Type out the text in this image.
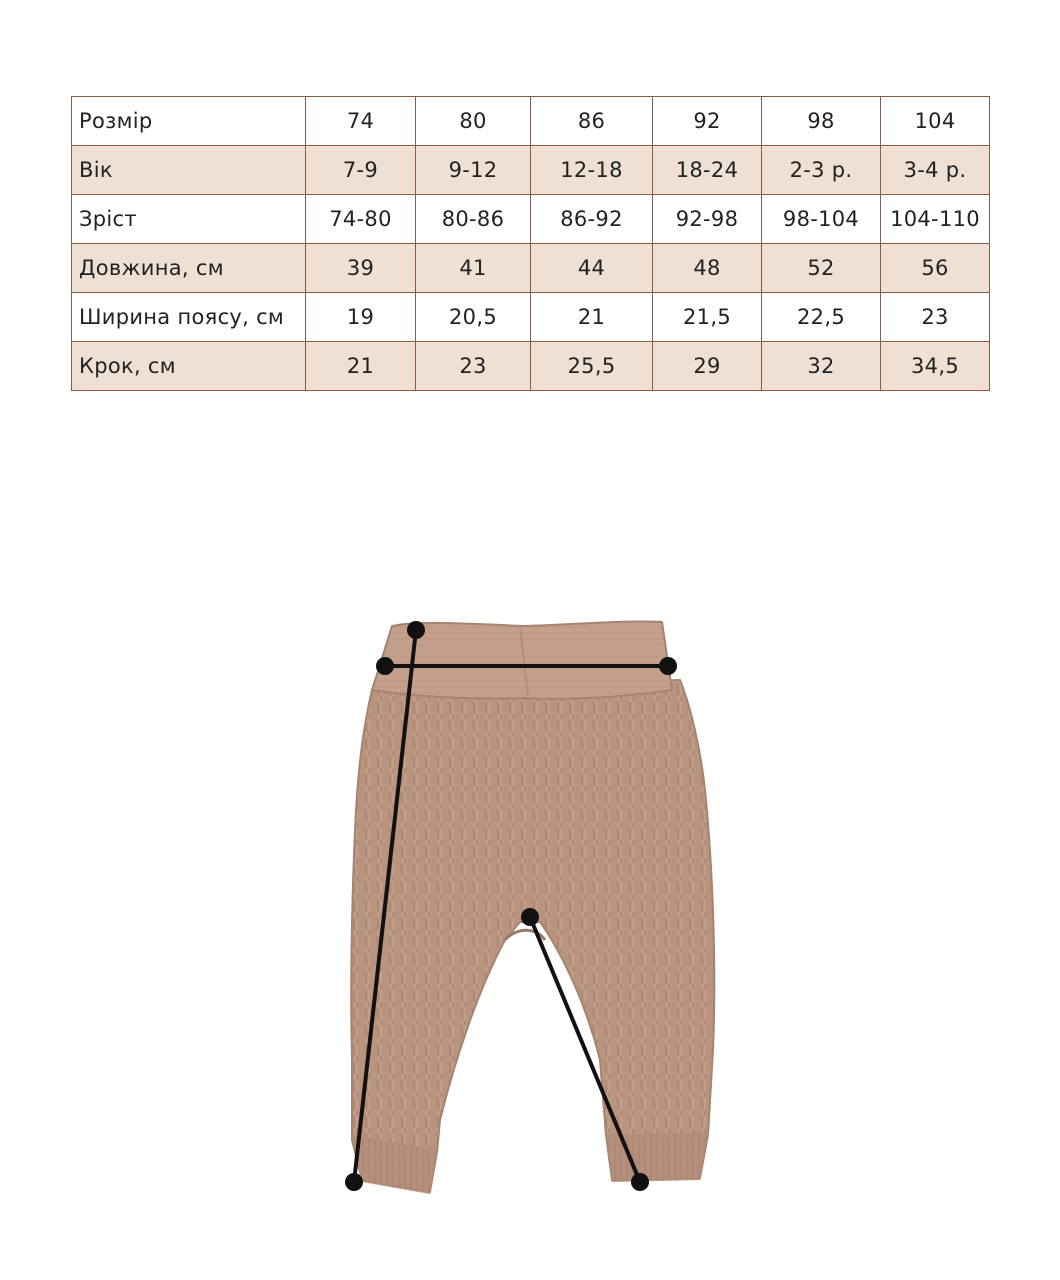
Розмір	74	80	86	92	98	104
Вік	7-9	9-12	12-18	18-24	2-3 р.	3-4 р.
Зріст	74-80	80-86	86-92	92-98	98-104	104-110
Довжина, см	39	41	44	48	52	56
Ширина поясу, см	19	20,5	21	21,5	22,5	23
Крок, см	21	23	25,5	29	32	34,5
